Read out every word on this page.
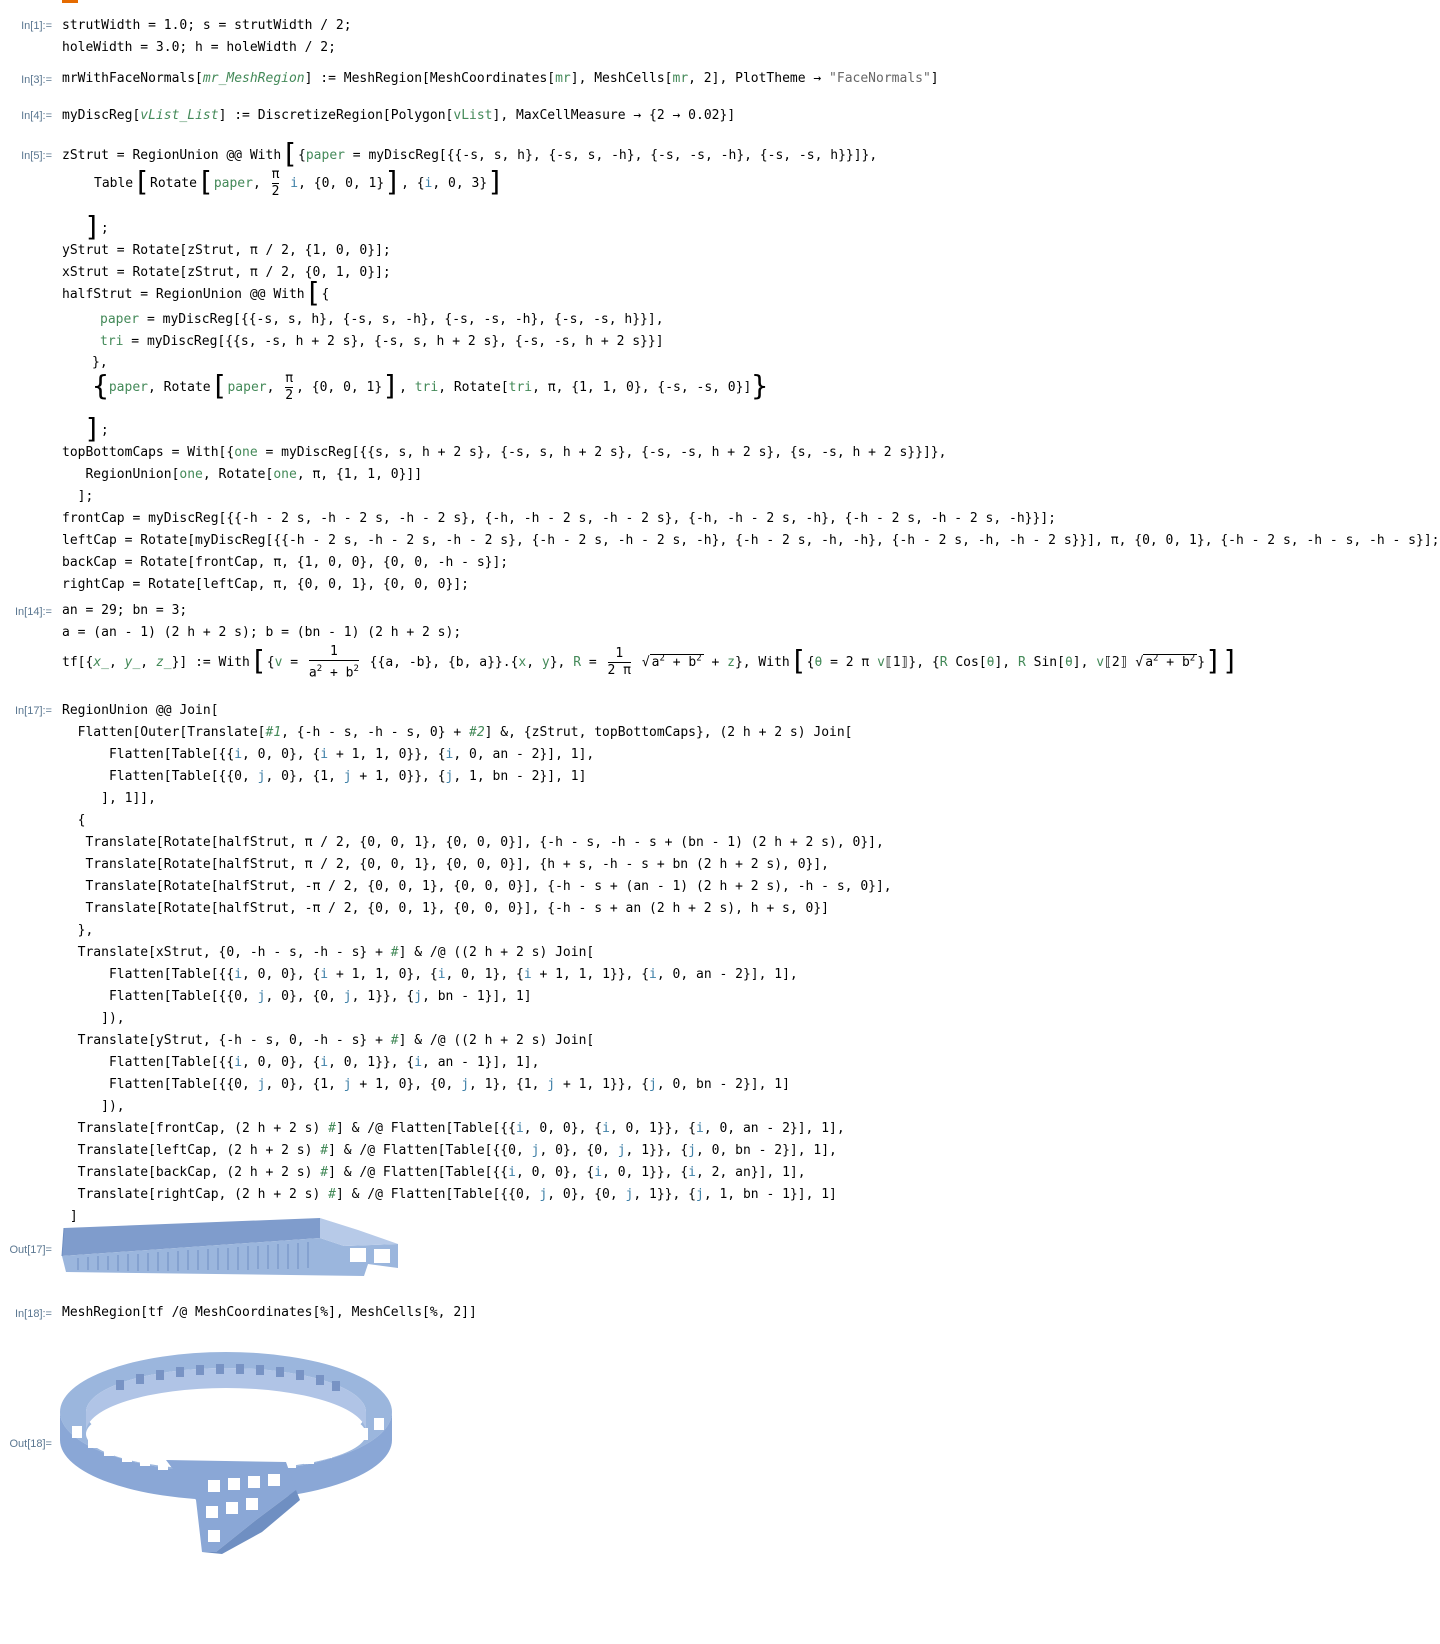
In[1]:= strutWidth = 1.0; s = strutWidth / 2;
holeWidth = 3.0; h = holeWidth / 2;
In[3]:= mrWithFaceNormals[mr_MeshRegion] := MeshRegion[MeshCoordinates[mr], MeshCells[mr, 2], PlotTheme → "FaceNormals"]
In[4]:= myDiscReg[vList_List] := DiscretizeRegion[Polygon[vList], MaxCellMeasure → {2 → 0.02}]
In[5]:= zStrut = RegionUnion @@ With[{paper = myDiscReg[{{-s, s, h}, {-s, s, -h}, {-s, -s, -h}, {-s, -s, h}}]},
Table[Rotate[paper, $\frac{\pi}{2} i$, {0, 0, 1}], {i, 0, 3}]
];
yStrut = Rotate[zStrut, π / 2, {1, 0, 0}];
xStrut = Rotate[zStrut, π / 2, {0, 1, 0}];
halfStrut = RegionUnion @@ With[{
paper = myDiscReg[{{-s, s, h}, {-s, s, -h}, {-s, -s, -h}, {-s, -s, h}}],
tri = myDiscReg[{{s, -s, h + 2 s}, {-s, s, h + 2 s}, {-s, -s, h + 2 s}}]
},
{paper, Rotate[paper, $\frac{\pi}{2}$ , {0, 0, 1}], tri, Rotate[tri, π, {1, 1, 0}, {-s, -s, 0}]}
];
topBottomCaps = With[{one = myDiscReg[{{s, s, h + 2 s}, {-s, s, h + 2 s}, {-s, -s, h + 2 s}, {s, -s, h + 2 s}}]},
RegionUnion[one, Rotate[one, π, {1, 1, 0}]]
];
frontCap = myDiscReg[{{-h - 2 s, -h - 2 s, -h - 2 s}, {-h, -h - 2 s, -h - 2 s}, {-h, -h - 2 s, -h}, {-h - 2 s, -h - 2 s, -h}}];
leftCap = Rotate[myDiscReg[{{-h - 2 s, -h - 2 s, -h - 2 s}, {-h - 2 s, -h - 2 s, -h}, {-h - 2 s, -h, -h}, {-h - 2 s, -h, -h - 2 s}}], π, {0, 0, 1}, {-h - 2 s, -h - s, -h - s}];
backCap = Rotate[frontCap, π, {1, 0, 0}, {0, 0, -h - s}];
rightCap = Rotate[leftCap, π, {0, 0, 1}, {0, 0, 0}];
In[14]:= an = 29; bn = 3;
a = (an - 1) (2 h + 2 s); b = (bn - 1) (2 h + 2 s);
tf[{x_, y_, z_}] := With[{v = $\frac{1}{a^2 + b^2} \{\{a$, -b}, {b, a}}.{x, y}, $R = \frac{1}{2 \pi}$ √ $a^2 + b^2 + z$}, With[{θ = 2 π v⟦1⟧}, {R Cos[θ], R Sin[θ], v⟦2⟧ √ $a^2 + b^2$ }]]
In[17]:= RegionUnion @@ Join[
Flatten[Outer[Translate[#1, {-h - s, -h - s, 0} + #2] &, {zStrut, topBottomCaps}, (2 h + 2 s) Join[
Flatten[Table[{{i, 0, 0}, {i + 1, 1, 0}}, {i, 0, an - 2}], 1],
Flatten[Table[{{0, j, 0}, {1, j + 1, 0}}, {j, 1, bn - 2}], 1]
], 1]],
{
Translate[Rotate[halfStrut, π / 2, {0, 0, 1}, {0, 0, 0}], {-h - s, -h - s + (bn - 1) (2 h + 2 s), 0}],
Translate[Rotate[halfStrut, π / 2, {0, 0, 1}, {0, 0, 0}], {h + s, -h - s + bn (2 h + 2 s), 0}],
Translate[Rotate[halfStrut, -π / 2, {0, 0, 1}, {0, 0, 0}], {-h - s + (an - 1) (2 h + 2 s), -h - s, 0}],
Translate[Rotate[halfStrut, -π / 2, {0, 0, 1}, {0, 0, 0}], {-h - s + an (2 h + 2 s), h + s, 0}]
},
Translate[xStrut, {0, -h - s, -h - s} + #] & /@ ((2 h + 2 s) Join[
Flatten[Table[{{i, 0, 0}, {i + 1, 1, 0}, {i, 0, 1}, {i + 1, 1, 1}}, {i, 0, an - 2}], 1],
Flatten[Table[{{0, j, 0}, {0, j, 1}}, {j, bn - 1}], 1]
]),
Translate[yStrut, {-h - s, 0, -h - s} + #] & /@ ((2 h + 2 s) Join[
Flatten[Table[{{i, 0, 0}, {i, 0, 1}}, {i, an - 1}], 1],
Flatten[Table[{{0, j, 0}, {1, j + 1, 0}, {0, j, 1}, {1, j + 1, 1}}, {j, 0, bn - 2}], 1]
]),
Translate[frontCap, (2 h + 2 s) #] & /@ Flatten[Table[{{i, 0, 0}, {i, 0, 1}}, {i, 0, an - 2}], 1],
Translate[leftCap, (2 h + 2 s) #] & /@ Flatten[Table[{{0, j, 0}, {0, j, 1}}, {j, 0, bn - 2}], 1],
Translate[backCap, (2 h + 2 s) #] & /@ Flatten[Table[{{i, 0, 0}, {i, 0, 1}}, {i, 2, an}], 1],
Translate[rightCap, (2 h + 2 s) #] & /@ Flatten[Table[{{0, j, 0}, {0, j, 1}}, {j, 1, bn - 1}], 1]
]
Out[17]=
In[18]:= MeshRegion[tf /@ MeshCoordinates[%], MeshCells[%, 2]]
Out[18]=
